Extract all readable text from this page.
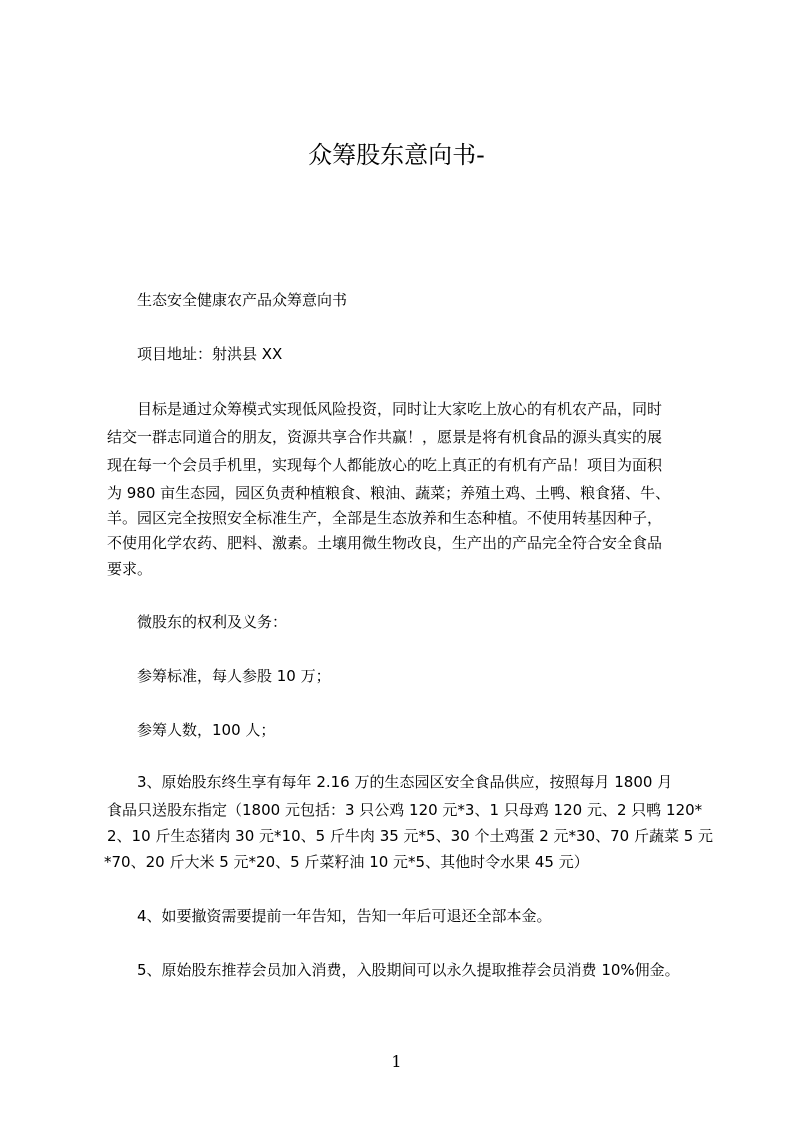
众筹股东意向书-
生态安全健康农产品众筹意向书
项目地址：射洪县 XX
目标是通过众筹模式实现低风险投资，同时让大家吃上放心的有机农产品，同时
结交一群志同道合的朋友，资源共享合作共赢！，愿景是将有机食品的源头真实的展
现在每一个会员手机里，实现每个人都能放心的吃上真正的有机有产品！项目为面积
为 980 亩生态园，园区负责种植粮食、粮油、蔬菜；养殖土鸡、土鸭、粮食猪、牛、
羊。园区完全按照安全标准生产，全部是生态放养和生态种植。不使用转基因种子，
不使用化学农药、肥料、激素。土壤用微生物改良，生产出的产品完全符合安全食品
要求。
微股东的权利及义务：
参筹标准，每人参股 10 万；
参筹人数，100 人；
3、原始股东终生享有每年 2.16 万的生态园区安全食品供应，按照每月 1800 月
食品只送股东指定（1800 元包括：3 只公鸡 120 元*3、1 只母鸡 120 元、2 只鸭 120*
2、10 斤生态猪肉 30 元*10、5 斤牛肉 35 元*5、30 个土鸡蛋 2 元*30、70 斤蔬菜 5 元
*70、20 斤大米 5 元*20、5 斤菜籽油 10 元*5、其他时令水果 45 元）
4、如要撤资需要提前一年告知，告知一年后可退还全部本金。
5、原始股东推荐会员加入消费，入股期间可以永久提取推荐会员消费 10%佣金。
1
